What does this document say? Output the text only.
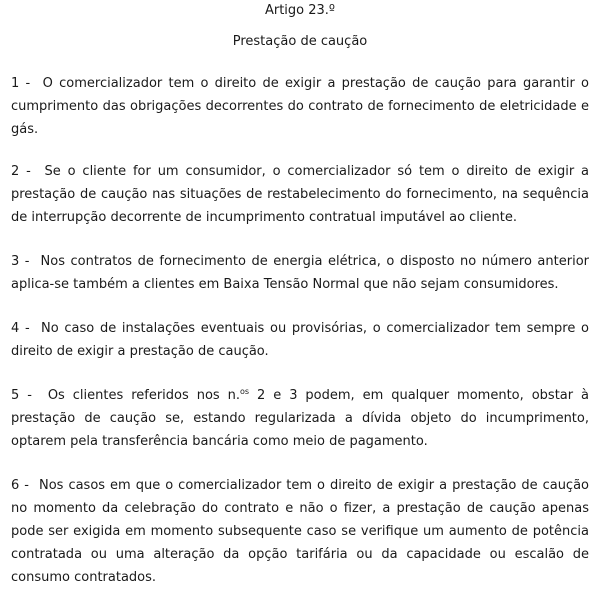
Artigo 23.º

Prestação de caução

1 - O comercializador tem o direito de exigir a prestação de caução para garantir o cumprimento das obrigações decorrentes do contrato de fornecimento de eletricidade e gás.

2 - Se o cliente for um consumidor, o comercializador só tem o direito de exigir a prestação de caução nas situações de restabelecimento do fornecimento, na sequência de interrupção decorrente de incumprimento contratual imputável ao cliente.

3 - Nos contratos de fornecimento de energia elétrica, o disposto no número anterior aplica-se também a clientes em Baixa Tensão Normal que não sejam consumidores.

4 - No caso de instalações eventuais ou provisórias, o comercializador tem sempre o direito de exigir a prestação de caução.

5 - Os clientes referidos nos n.$^{os}$ 2 e 3 podem, em qualquer momento, obstar à prestação de caução se, estando regularizada a dívida objeto do incumprimento, optarem pela transferência bancária como meio de pagamento.

6 - Nos casos em que o comercializador tem o direito de exigir a prestação de caução no momento da celebração do contrato e não o fizer, a prestação de caução apenas pode ser exigida em momento subsequente caso se verifique um aumento de potência contratada ou uma alteração da opção tarifária ou da capacidade ou escalão de consumo contratados.
